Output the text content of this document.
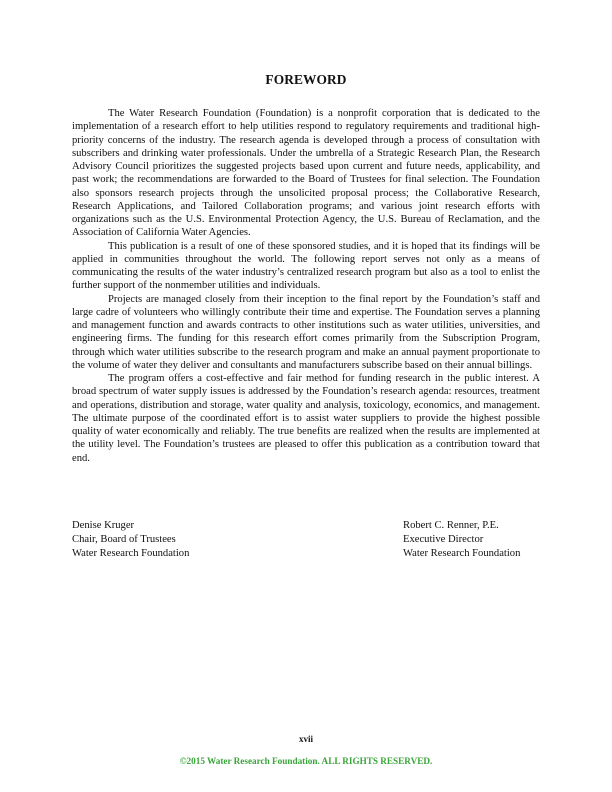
FOREWORD

The Water Research Foundation (Foundation) is a nonprofit corporation that is dedicated to the implementation of a research effort to help utilities respond to regulatory requirements and traditional high-priority concerns of the industry. The research agenda is developed through a process of consultation with subscribers and drinking water professionals. Under the umbrella of a Strategic Research Plan, the Research Advisory Council prioritizes the suggested projects based upon current and future needs, applicability, and past work; the recommendations are forwarded to the Board of Trustees for final selection. The Foundation also sponsors research projects through the unsolicited proposal process; the Collaborative Research, Research Applications, and Tailored Collaboration programs; and various joint research efforts with organizations such as the U.S. Environmental Protection Agency, the U.S. Bureau of Reclamation, and the Association of California Water Agencies.

This publication is a result of one of these sponsored studies, and it is hoped that its findings will be applied in communities throughout the world. The following report serves not only as a means of communicating the results of the water industry’s centralized research program but also as a tool to enlist the further support of the nonmember utilities and individuals.

Projects are managed closely from their inception to the final report by the Foundation’s staff and large cadre of volunteers who willingly contribute their time and expertise. The Foundation serves a planning and management function and awards contracts to other institutions such as water utilities, universities, and engineering firms. The funding for this research effort comes primarily from the Subscription Program, through which water utilities subscribe to the research program and make an annual payment proportionate to the volume of water they deliver and consultants and manufacturers subscribe based on their annual billings.

The program offers a cost-effective and fair method for funding research in the public interest. A broad spectrum of water supply issues is addressed by the Foundation’s research agenda: resources, treatment and operations, distribution and storage, water quality and analysis, toxicology, economics, and management. The ultimate purpose of the coordinated effort is to assist water suppliers to provide the highest possible quality of water economically and reliably. The true benefits are realized when the results are implemented at the utility level. The Foundation’s trustees are pleased to offer this publication as a contribution toward that end.

Denise Kruger
Chair, Board of Trustees
Water Research Foundation
Robert C. Renner, P.E.
Executive Director
Water Research Foundation
xvii
©2015 Water Research Foundation. ALL RIGHTS RESERVED.
